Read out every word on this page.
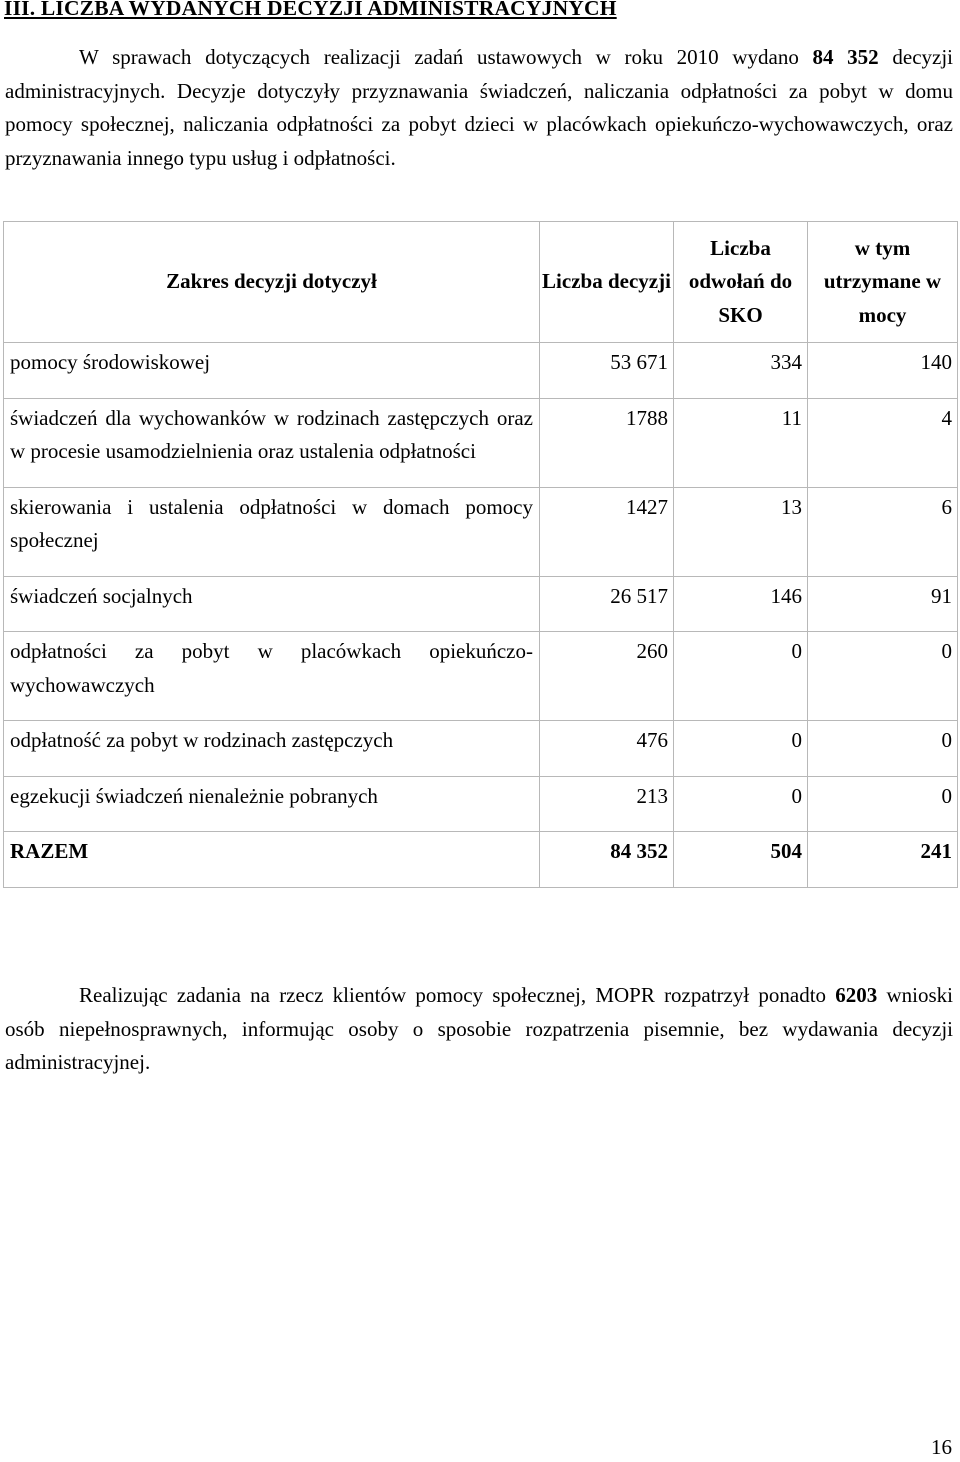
III. LICZBA WYDANYCH DECYZJI ADMINISTRACYJNYCH

W sprawach dotyczących realizacji zadań ustawowych w roku 2010 wydano 84 352 decyzji administracyjnych. Decyzje dotyczyły przyznawania świadczeń, naliczania odpłatności za pobyt w domu pomocy społecznej, naliczania odpłatności za pobyt dzieci w placówkach opiekuńczo-wychowawczych, oraz przyznawania innego typu usług i odpłatności.

Zakres decyzji dotyczył	Liczba decyzji	Liczba odwołań do SKO	w tym utrzymane w mocy

pomocy środowiskowej	53 671	334	140
świadczeń dla wychowanków w rodzinach zastępczych oraz w procesie usamodzielnienia oraz ustalenia odpłatności	1788	11	4
skierowania i ustalenia odpłatności w domach pomocy społecznej	1427	13	6
świadczeń socjalnych	26 517	146	91
odpłatności za pobyt w placówkach opiekuńczo-wychowawczych	260	0	0
odpłatność za pobyt w rodzinach zastępczych	476	0	0
egzekucji świadczeń nienależnie pobranych	213	0	0
RAZEM	84 352	504	241

Realizując zadania na rzecz klientów pomocy społecznej, MOPR rozpatrzył ponadto 6203 wnioski osób niepełnosprawnych, informując osoby o sposobie rozpatrzenia pisemnie, bez wydawania decyzji administracyjnej.

16
